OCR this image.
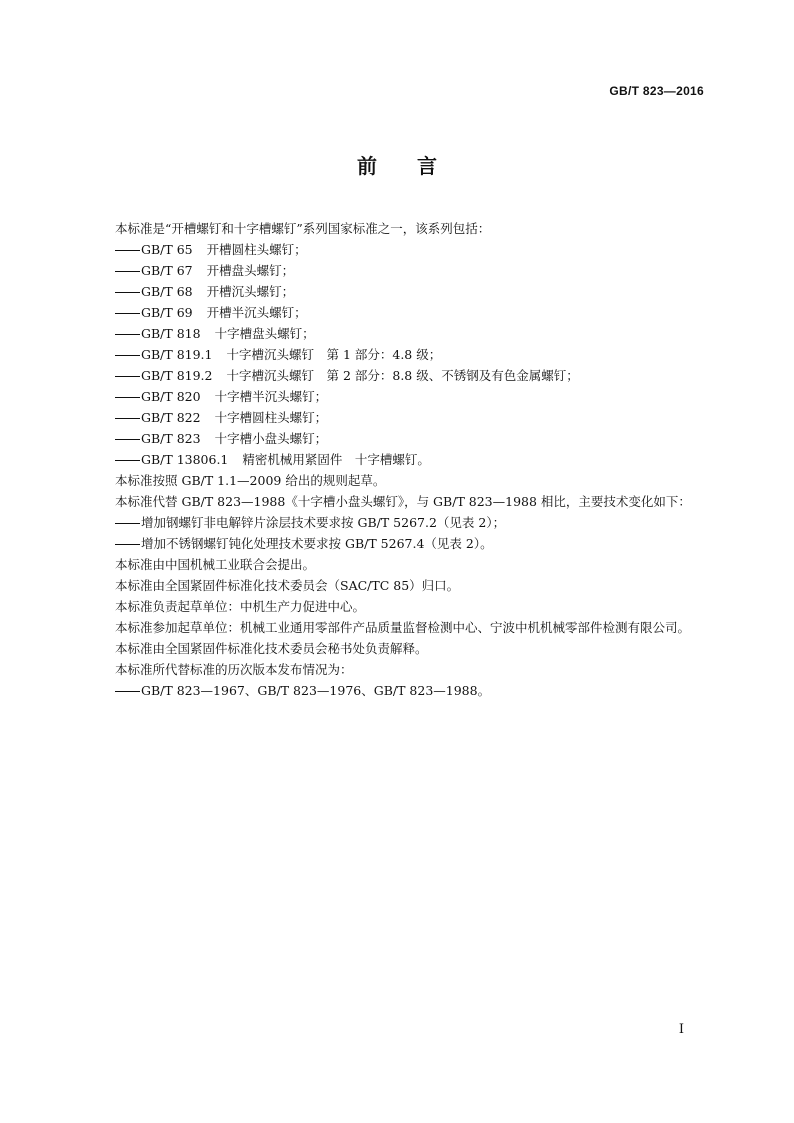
GB/T 823—2016
前言

本标准是“开槽螺钉和十字槽螺钉”系列国家标准之一，该系列包括：

GB/T 65 开槽圆柱头螺钉；

GB/T 67 开槽盘头螺钉；

GB/T 68 开槽沉头螺钉；

GB/T 69 开槽半沉头螺钉；

GB/T 818 十字槽盘头螺钉；

GB/T 819.1 十字槽沉头螺钉　第 1 部分：4.8 级；

GB/T 819.2 十字槽沉头螺钉　第 2 部分：8.8 级、不锈钢及有色金属螺钉；

GB/T 820 十字槽半沉头螺钉；

GB/T 822 十字槽圆柱头螺钉；

GB/T 823 十字槽小盘头螺钉；

GB/T 13806.1 精密机械用紧固件　十字槽螺钉。

本标准按照 GB/T 1.1—2009 给出的规则起草。

本标准代替 GB/T 823—1988《十字槽小盘头螺钉》，与 GB/T 823—1988 相比，主要技术变化如下：

增加钢螺钉非电解锌片涂层技术要求按 GB/T 5267.2（见表 2）；

增加不锈钢螺钉钝化处理技术要求按 GB/T 5267.4（见表 2）。

本标准由中国机械工业联合会提出。

本标准由全国紧固件标准化技术委员会（SAC/TC 85）归口。

本标准负责起草单位：中机生产力促进中心。

本标准参加起草单位：机械工业通用零部件产品质量监督检测中心、宁波中机机械零部件检测有限公司。

本标准由全国紧固件标准化技术委员会秘书处负责解释。

本标准所代替标准的历次版本发布情况为：

GB/T 823—1967、GB/T 823—1976、GB/T 823—1988。

I
